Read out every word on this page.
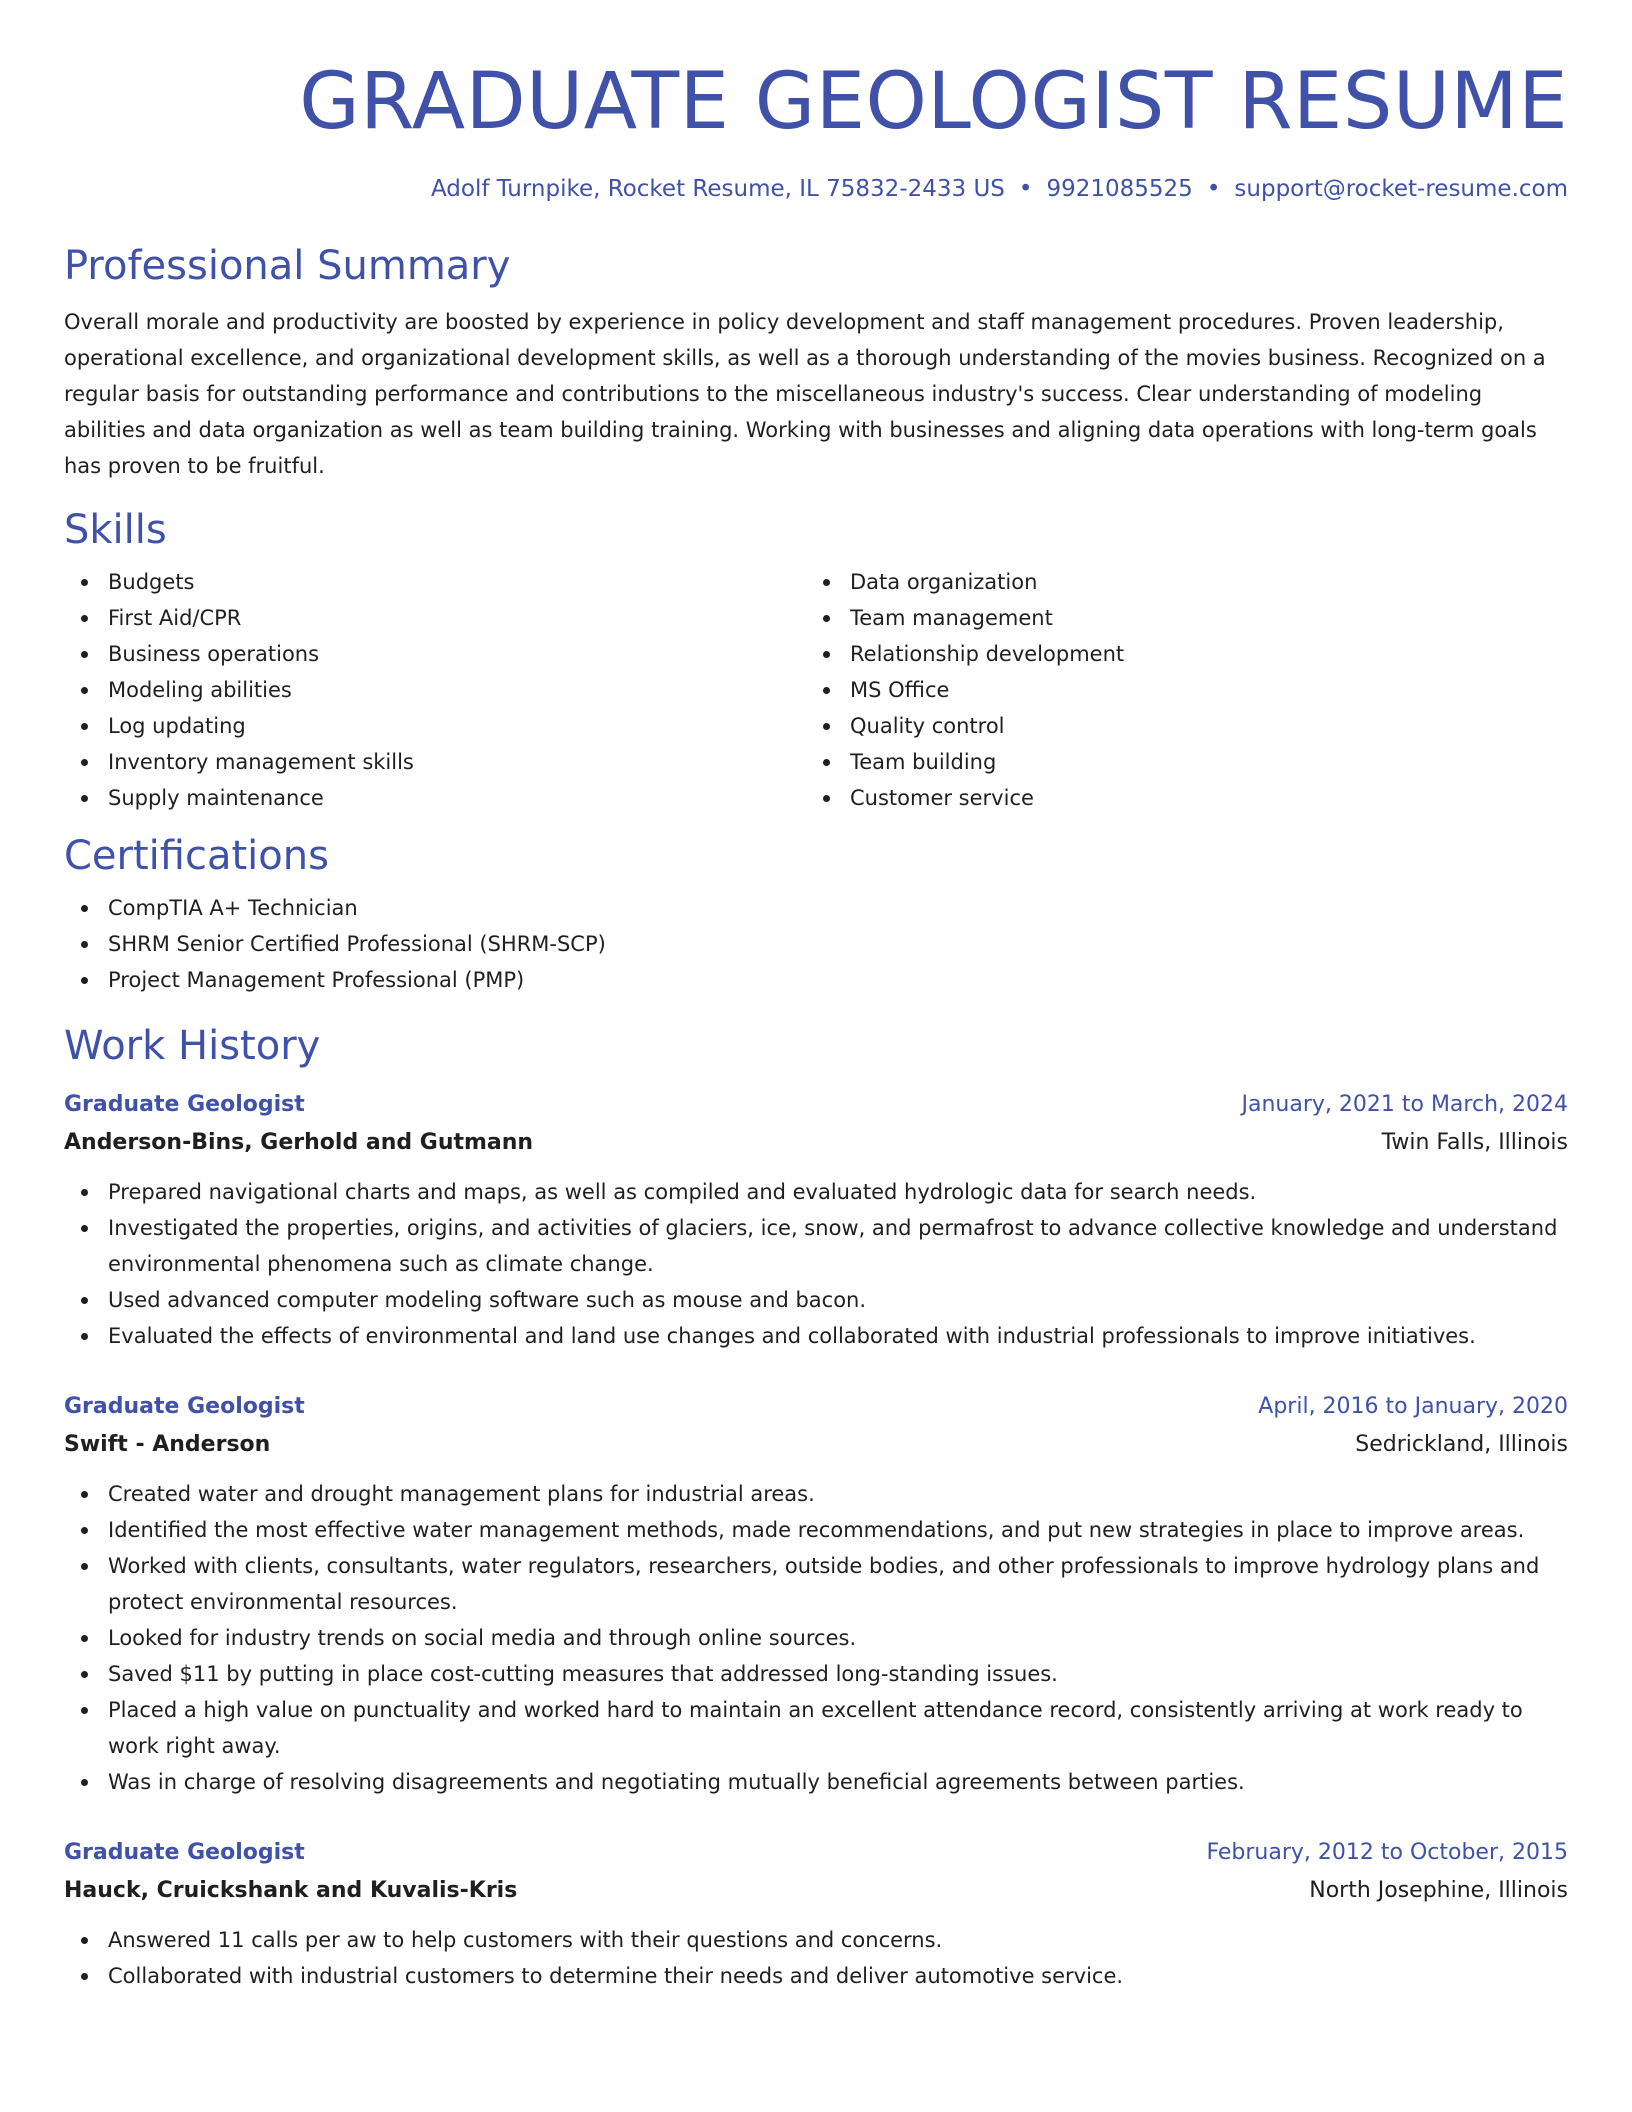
GRADUATE GEOLOGIST RESUME
Adolf Turnpike, Rocket Resume, IL 75832-2433 US • 9921085525 • support@rocket-resume.com
Professional Summary

Overall morale and productivity are boosted by experience in policy development and staff management procedures. Proven leadership, operational excellence, and organizational development skills, as well as a thorough understanding of the movies business. Recognized on a regular basis for outstanding performance and contributions to the miscellaneous industry's success. Clear understanding of modeling abilities and data organization as well as team building training. Working with businesses and aligning data operations with long-term goals has proven to be fruitful.

Skills
Budgets
First Aid/CPR
Business operations
Modeling abilities
Log updating
Inventory management skills
Supply maintenance
Data organization
Team management
Relationship development
MS Office
Quality control
Team building
Customer service
Certifications
CompTIA A+ Technician
SHRM Senior Certified Professional (SHRM-SCP)
Project Management Professional (PMP)
Work History
Graduate Geologist	January, 2021 to March, 2024
Anderson-Bins, Gerhold and Gutmann	Twin Falls, Illinois
Prepared navigational charts and maps, as well as compiled and evaluated hydrologic data for search needs.
Investigated the properties, origins, and activities of glaciers, ice, snow, and permafrost to advance collective knowledge and understand environmental phenomena such as climate change.
Used advanced computer modeling software such as mouse and bacon.
Evaluated the effects of environmental and land use changes and collaborated with industrial professionals to improve initiatives.
Graduate Geologist	April, 2016 to January, 2020
Swift - Anderson	Sedrickland, Illinois
Created water and drought management plans for industrial areas.
Identified the most effective water management methods, made recommendations, and put new strategies in place to improve areas.
Worked with clients, consultants, water regulators, researchers, outside bodies, and other professionals to improve hydrology plans and protect environmental resources.
Looked for industry trends on social media and through online sources.
Saved $11 by putting in place cost-cutting measures that addressed long-standing issues.
Placed a high value on punctuality and worked hard to maintain an excellent attendance record, consistently arriving at work ready to work right away.
Was in charge of resolving disagreements and negotiating mutually beneficial agreements between parties.
Graduate Geologist	February, 2012 to October, 2015
Hauck, Cruickshank and Kuvalis-Kris	North Josephine, Illinois
Answered 11 calls per aw to help customers with their questions and concerns.
Collaborated with industrial customers to determine their needs and deliver automotive service.
